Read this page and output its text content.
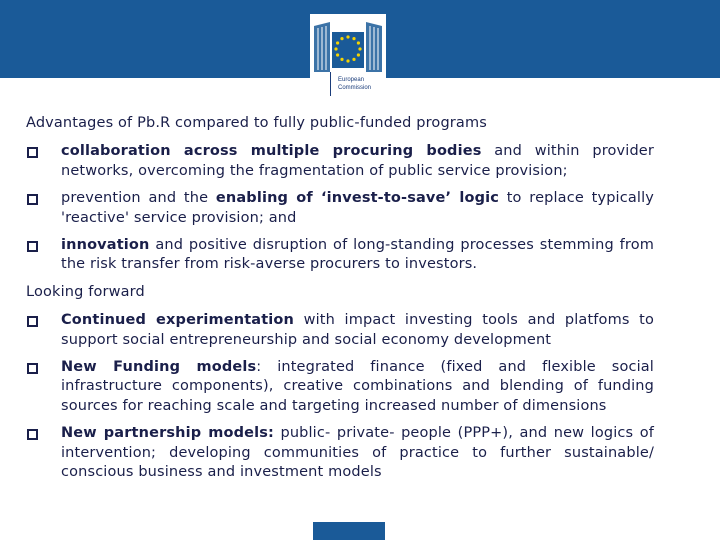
European
Commission
Advantages of Pb.R compared to fully public-funded programs
collaboration across multiple procuring bodies and within provider networks, overcoming the fragmentation of public service provision;
prevention and the enabling of ‘invest-to-save’ logic to replace typically 'reactive' service provision; and
innovation and positive disruption of long-standing processes stemming from the risk transfer from risk-averse procurers to investors.
Looking forward
Continued experimentation with impact investing tools and platfoms to support social entrepreneurship and social economy development
New Funding models: integrated finance (fixed and flexible social infrastructure components), creative combinations and blending of funding sources for reaching scale and targeting increased number of dimensions
New partnership models: public- private- people (PPP+), and new logics of intervention; developing communities of practice to further sustainable/ conscious business and investment models
